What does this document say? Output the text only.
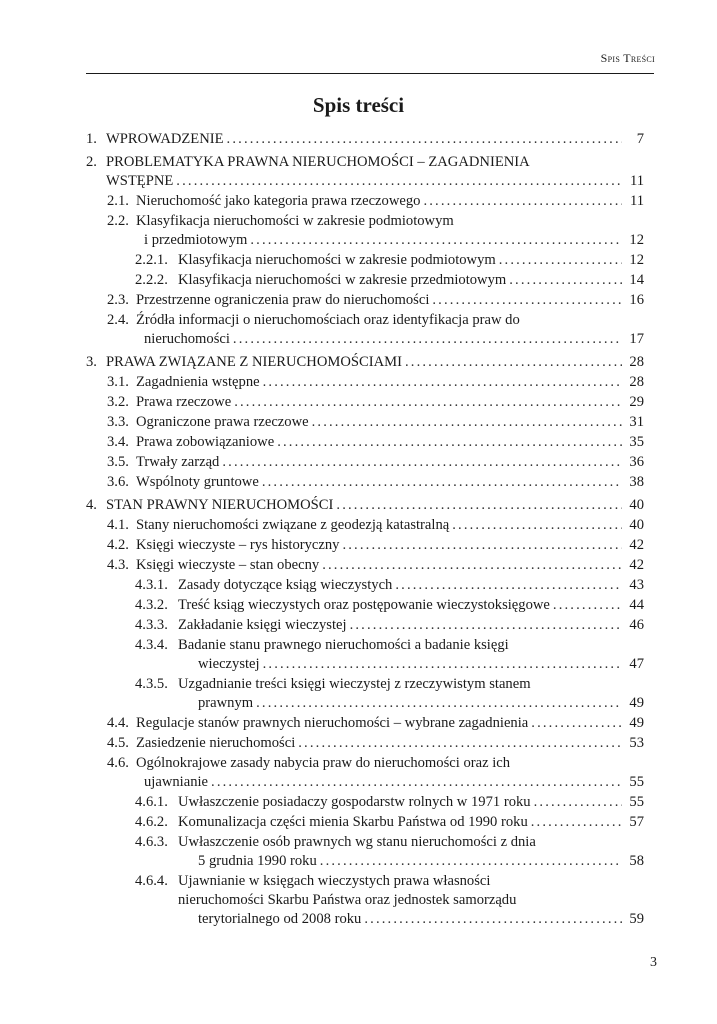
Spis Treści
Spis treści
1. WPROWADZENIE . . .	7
2. PROBLEMATYKA PRAWNA NIERUCHOMOŚCI – ZAGADNIENIA
WSTĘPNE . . .	11
2.1. Nieruchomość jako kategoria prawa rzeczowego . . .	11
2.2. Klasyfikacja nieruchomości w zakresie podmiotowym
i przedmiotowym . . .	12
2.2.1. Klasyfikacja nieruchomości w zakresie podmiotowym . . .	12
2.2.2. Klasyfikacja nieruchomości w zakresie przedmiotowym . . .	14
2.3. Przestrzenne ograniczenia praw do nieruchomości . . .	16
2.4. Źródła informacji o nieruchomościach oraz identyfikacja praw do
nieruchomości . . .	17
3. PRAWA ZWIĄZANE Z NIERUCHOMOŚCIAMI . . .	28
3.1. Zagadnienia wstępne . . .	28
3.2. Prawa rzeczowe . . .	29
3.3. Ograniczone prawa rzeczowe . . .	31
3.4. Prawa zobowiązaniowe . . .	35
3.5. Trwały zarząd . . .	36
3.6. Wspólnoty gruntowe . . .	38
4. STAN PRAWNY NIERUCHOMOŚCI . . .	40
4.1. Stany nieruchomości związane z geodezją katastralną . . .	40
4.2. Księgi wieczyste – rys historyczny . . .	42
4.3. Księgi wieczyste – stan obecny . . .	42
4.3.1. Zasady dotyczące ksiąg wieczystych . . .	43
4.3.2. Treść ksiąg wieczystych oraz postępowanie wieczystoksięgowe . . .	44
4.3.3. Zakładanie księgi wieczystej . . .	46
4.3.4. Badanie stanu prawnego nieruchomości a badanie księgi
wieczystej . . .	47
4.3.5. Uzgadnianie treści księgi wieczystej z rzeczywistym stanem
prawnym . . .	49
4.4. Regulacje stanów prawnych nieruchomości – wybrane zagadnienia . . .	49
4.5. Zasiedzenie nieruchomości . . .	53
4.6. Ogólnokrajowe zasady nabycia praw do nieruchomości oraz ich
ujawnianie . . .	55
4.6.1. Uwłaszczenie posiadaczy gospodarstw rolnych w 1971 roku . . .	55
4.6.2. Komunalizacja części mienia Skarbu Państwa od 1990 roku . . .	57
4.6.3. Uwłaszczenie osób prawnych wg stanu nieruchomości z dnia
5 grudnia 1990 roku . . .	58
4.6.4. Ujawnianie w księgach wieczystych prawa własności
nieruchomości Skarbu Państwa oraz jednostek samorządu
terytorialnego od 2008 roku . . .	59
3
